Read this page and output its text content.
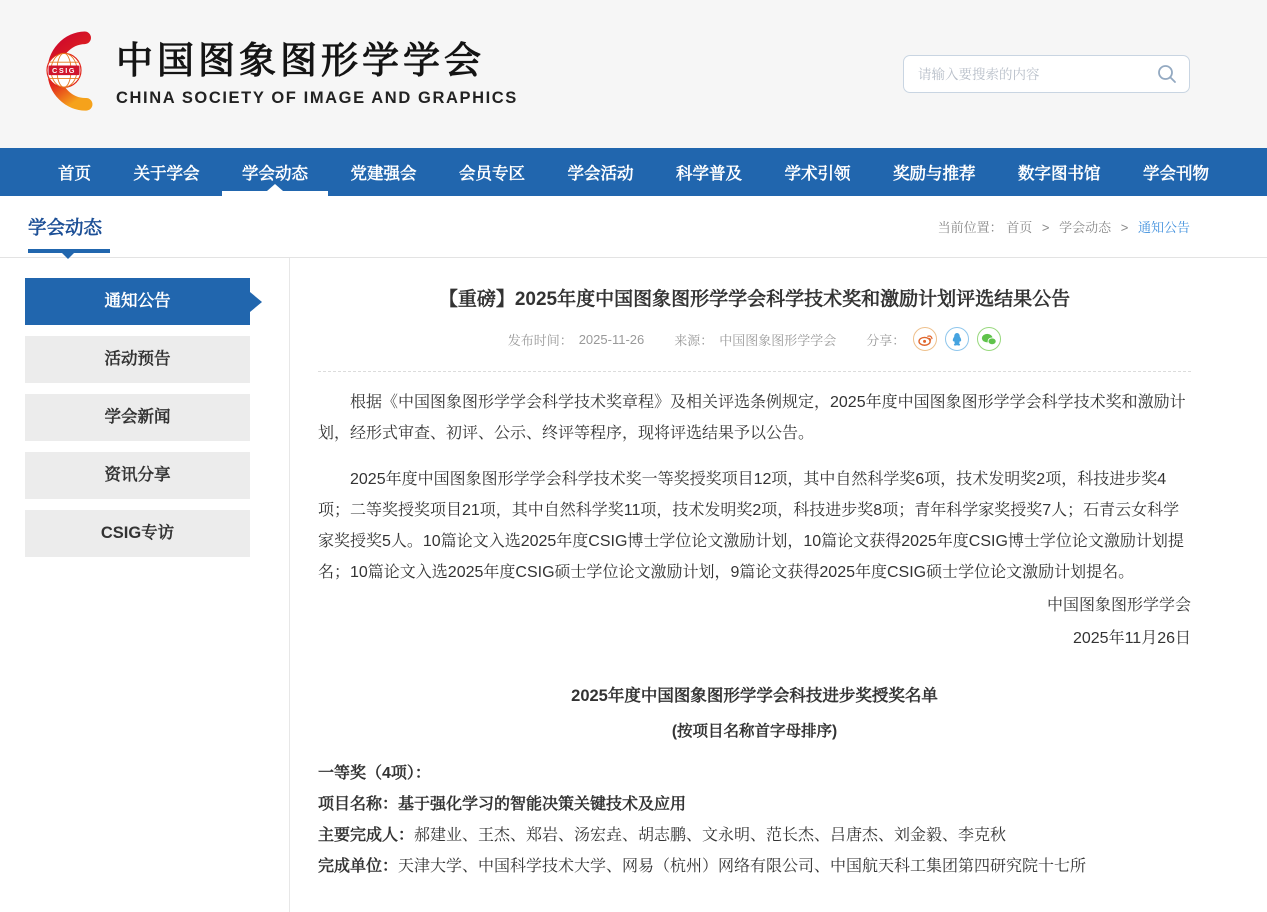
CSIG 中国图象图形学学会
CHINA SOCIETY OF IMAGE AND GRAPHICS
请输入要搜索的内容
首页	关于学会	学会动态	党建强会	会员专区	学会活动	科学普及	学术引领	奖励与推荐	数字图书馆	学会刊物
学会动态	当前位置： 首页 > 学会动态 > 通知公告
通知公告
活动预告
学会新闻
资讯分享
CSIG专访
【重磅】2025年度中国图象图形学学会科学技术奖和激励计划评选结果公告
发布时间： 2025-11-26 来源： 中国图象图形学学会 分享：

根据《中国图象图形学学会科学技术奖章程》及相关评选条例规定，2025年度中国图象图形学学会科学技术奖和激励计划，经形式审查、初评、公示、终评等程序，现将评选结果予以公告。

2025年度中国图象图形学学会科学技术奖一等奖授奖项目12项，其中自然科学奖6项，技术发明奖2项，科技进步奖4项；二等奖授奖项目21项，其中自然科学奖11项，技术发明奖2项，科技进步奖8项；青年科学家奖授奖7人；石青云女科学家奖授奖5人。10篇论文入选2025年度CSIG博士学位论文激励计划，10篇论文获得2025年度CSIG博士学位论文激励计划提名；10篇论文入选2025年度CSIG硕士学位论文激励计划，9篇论文获得2025年度CSIG硕士学位论文激励计划提名。

中国图象图形学学会
2025年11月26日
2025年度中国图象图形学学会科技进步奖授奖名单
(按项目名称首字母排序)
一等奖（4项）：
项目名称：基于强化学习的智能决策关键技术及应用
主要完成人：郝建业、王杰、郑岩、汤宏垚、胡志鹏、文永明、范长杰、吕唐杰、刘金毅、李克秋
完成单位：天津大学、中国科学技术大学、网易（杭州）网络有限公司、中国航天科工集团第四研究院十七所
